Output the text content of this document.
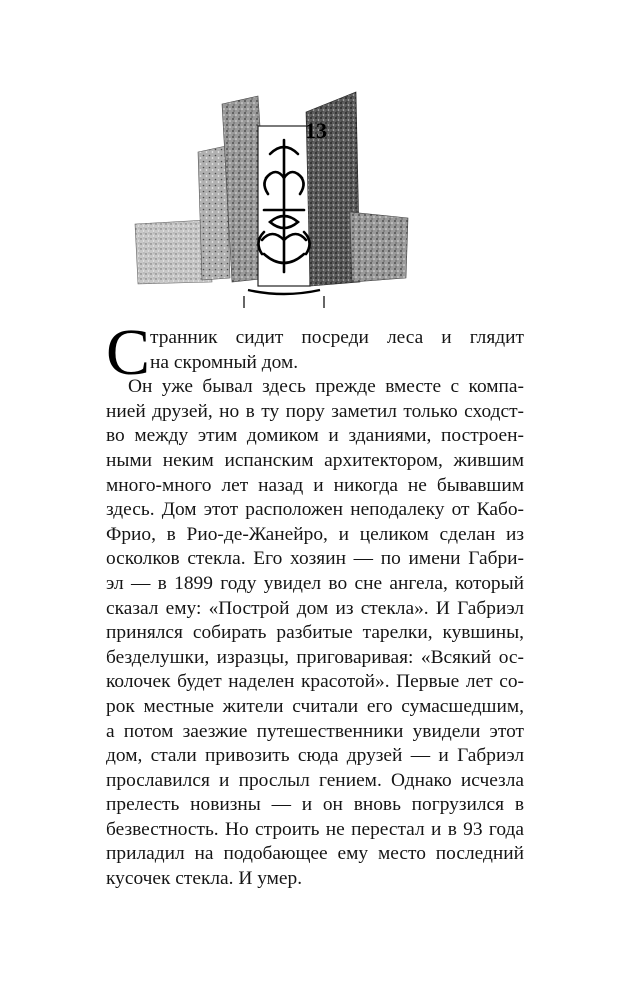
13
С транник сидит посреди леса и глядит
на скромный дом.
Он уже бывал здесь прежде вместе с компа-
нией друзей, но в ту пору заметил только сходст-
во между этим домиком и зданиями, построен-
ными неким испанским архитектором, жившим
много-много лет назад и никогда не бывавшим
здесь. Дом этот расположен неподалеку от Кабо-
Фрио, в Рио-де-Жанейро, и целиком сделан из
осколков стекла. Его хозяин — по имени Габри-
эл — в 1899 году увидел во сне ангела, который
сказал ему: «Построй дом из стекла». И Габриэл
принялся собирать разбитые тарелки, кувшины,
безделушки, изразцы, приговаривая: «Всякий ос-
колочек будет наделен красотой». Первые лет со-
рок местные жители считали его сумасшедшим,
а потом заезжие путешественники увидели этот
дом, стали привозить сюда друзей — и Габриэл
прославился и прослыл гением. Однако исчезла
прелесть новизны — и он вновь погрузился в
безвестность. Но строить не перестал и в 93 года
приладил на подобающее ему место последний
кусочек стекла. И умер.
